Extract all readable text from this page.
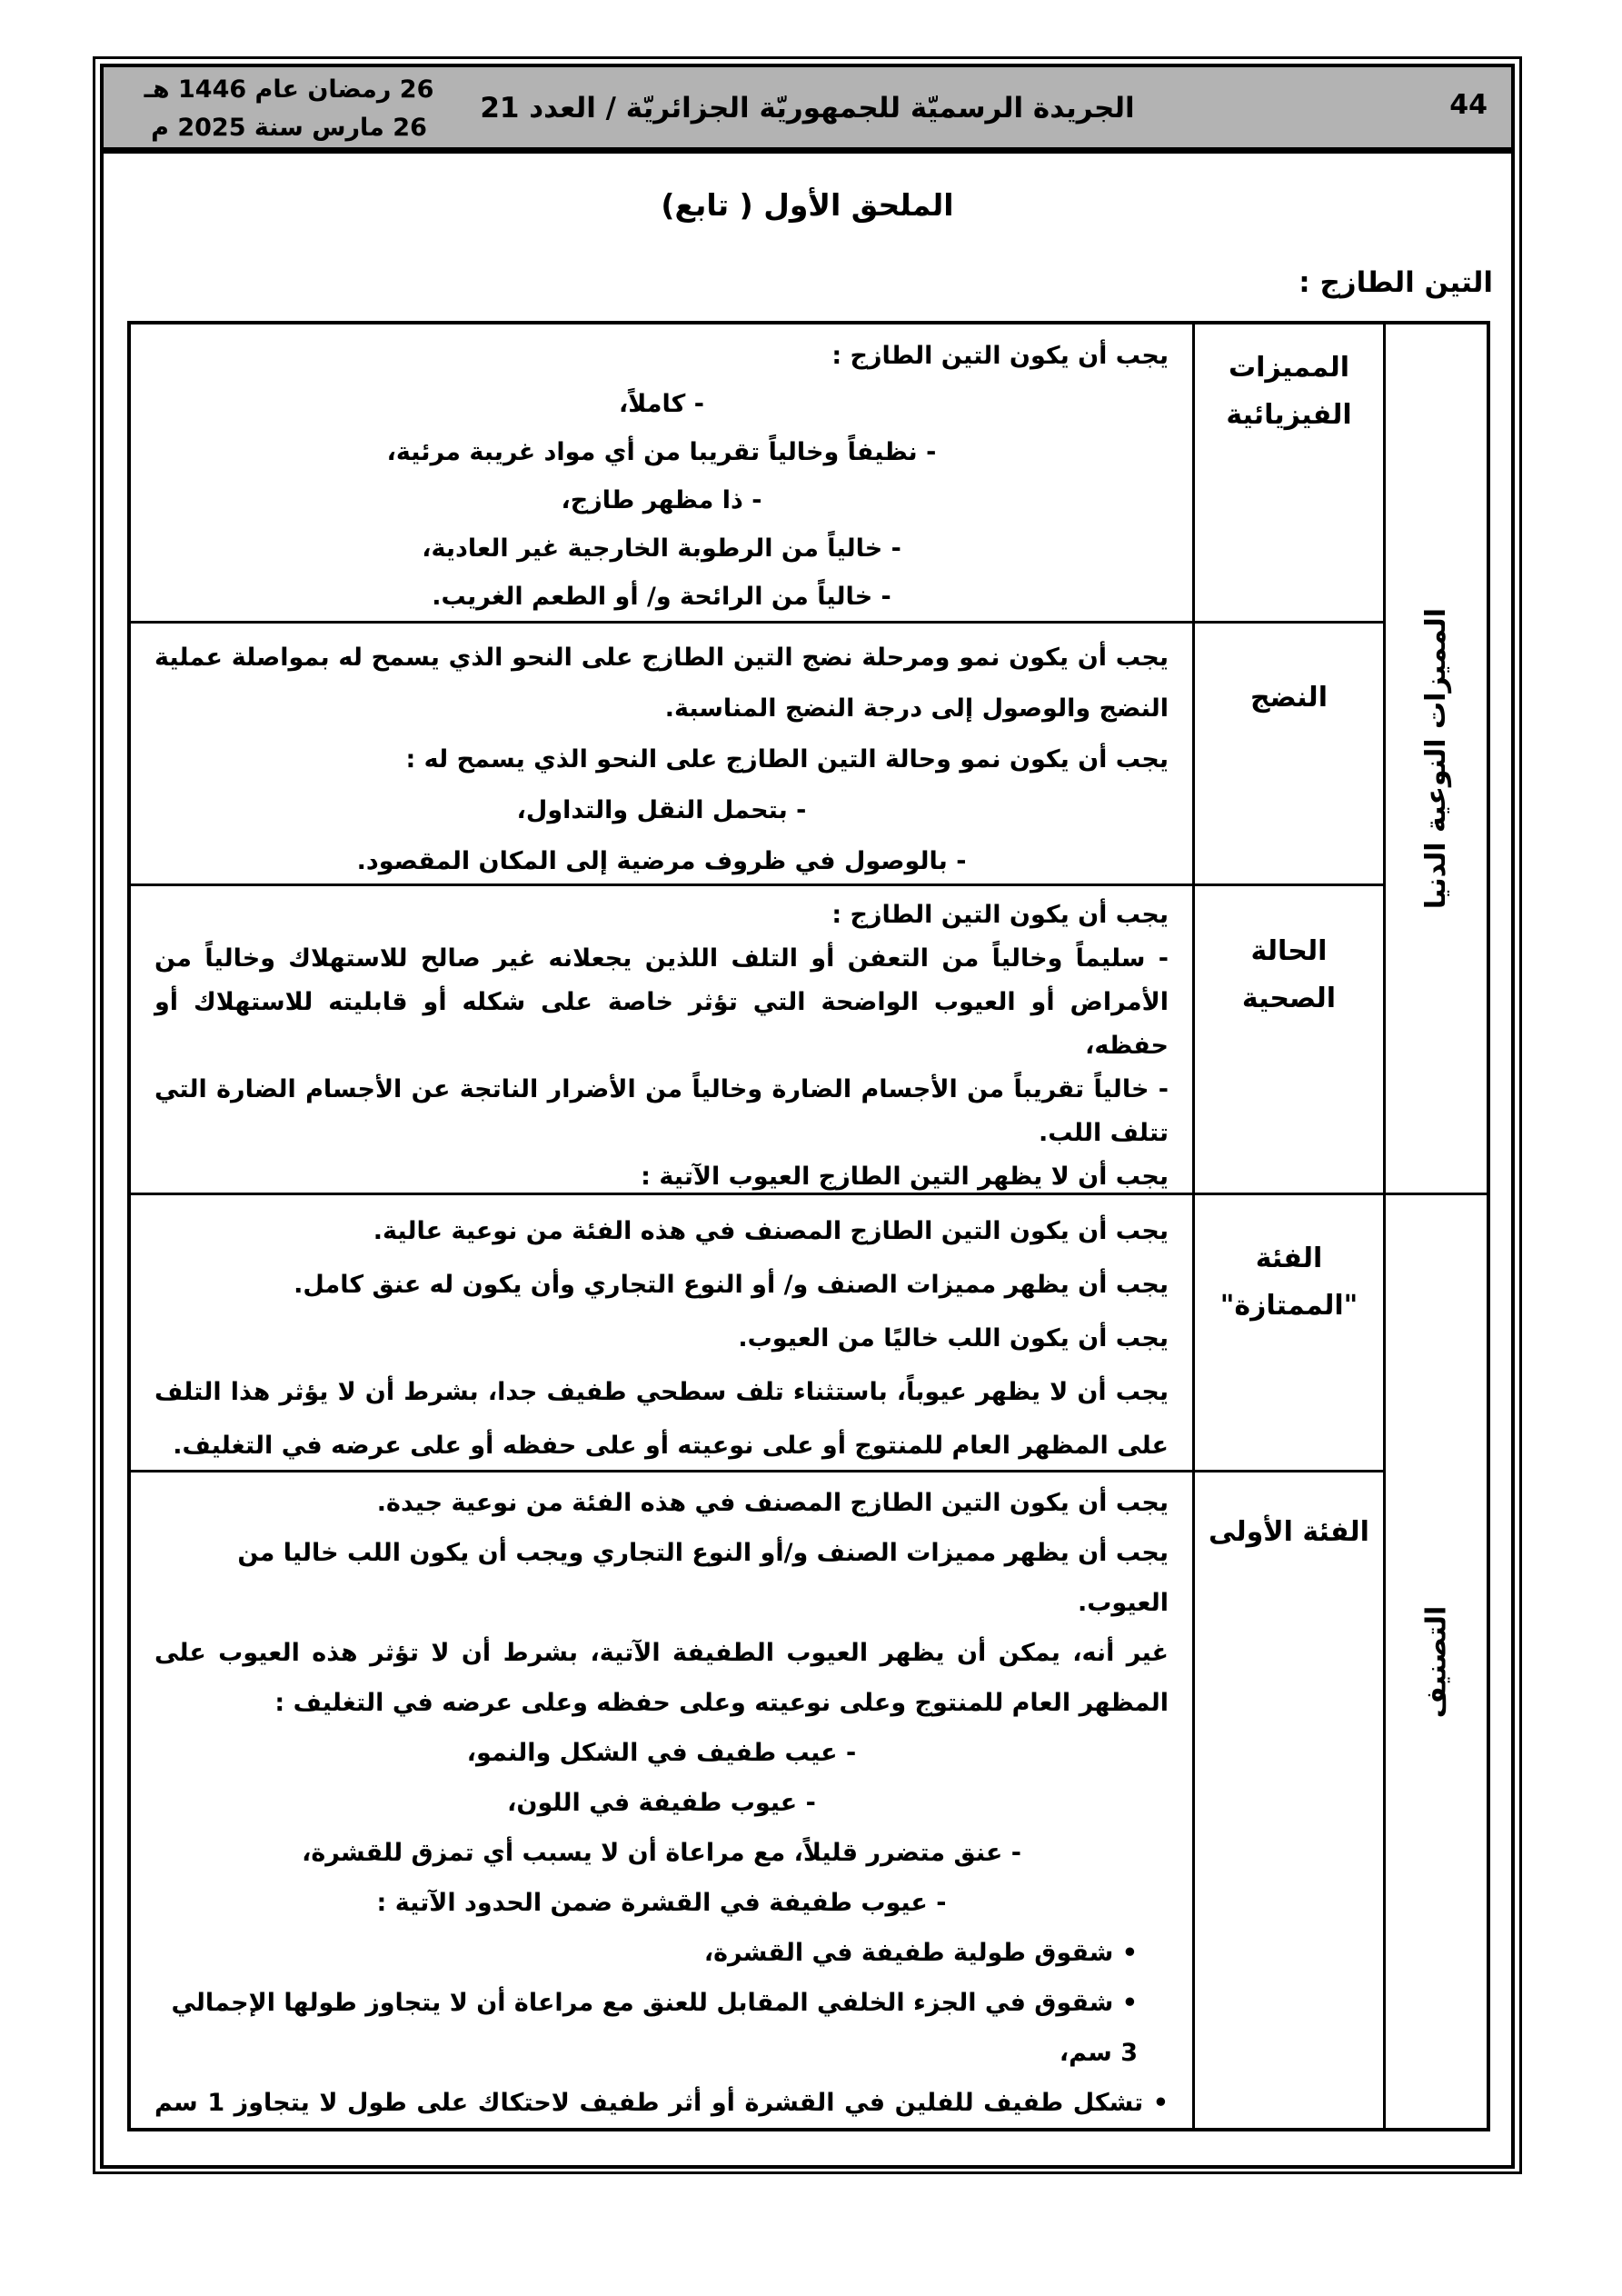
26 رمضان عام 1446 هـ
26 مارس سنة 2025 م
الجريدة الرسميّة للجمهوريّة الجزائريّة / العدد 21	44
الملحق الأول ( تابع)
التين الطازج :
يجب أن يكون التين الطازج :
- كاملاً،
- نظيفاً وخالياً تقريبا من أي مواد غريبة مرئية،
- ذا مظهر طازج،
- خالياً من الرطوبة الخارجية غير العادية،
- خالياً من الرائحة و/ أو الطعم الغريب.
يجب أن يكون نمو ومرحلة نضج التين الطازج على النحو الذي يسمح له بمواصلة عملية النضج والوصول إلى درجة النضج المناسبة.
يجب أن يكون نمو وحالة التين الطازج على النحو الذي يسمح له :
- بتحمل النقل والتداول،
- بالوصول في ظروف مرضية إلى المكان المقصود.
يجب أن يكون التين الطازج :
- سليماً وخالياً من التعفن أو التلف اللذين يجعلانه غير صالح للاستهلاك وخالياً من الأمراض أو العيوب الواضحة التي تؤثر خاصة على شكله أو قابليته للاستهلاك أو حفظه،
- خالياً تقريباً من الأجسام الضارة وخالياً من الأضرار الناتجة عن الأجسام الضارة التي تتلف اللب.
يجب أن لا يظهر التين الطازج العيوب الآتية :
يجب أن يكون التين الطازج المصنف في هذه الفئة من نوعية عالية.
يجب أن يظهر مميزات الصنف و/ أو النوع التجاري وأن يكون له عنق كامل.
يجب أن يكون اللب خاليًا من العيوب.
يجب أن لا يظهر عيوباً، باستثناء تلف سطحي طفيف جدا، بشرط أن لا يؤثر هذا التلف على المظهر العام للمنتوج أو على نوعيته أو على حفظه أو على عرضه في التغليف.
يجب أن يكون التين الطازج المصنف في هذه الفئة من نوعية جيدة.
يجب أن يظهر مميزات الصنف و/أو النوع التجاري ويجب أن يكون اللب خاليا من العيوب.
غير أنه، يمكن أن يظهر العيوب الطفيفة الآتية، بشرط أن لا تؤثر هذه العيوب على المظهر العام للمنتوج وعلى نوعيته وعلى حفظه وعلى عرضه في التغليف :
- عيب طفيف في الشكل والنمو،
- عيوب طفيفة في اللون،
- عنق متضرر قليلاً، مع مراعاة أن لا يسبب أي تمزق للقشرة،
- عيوب طفيفة في القشرة ضمن الحدود الآتية :
• شقوق طولية طفيفة في القشرة،
• شقوق في الجزء الخلفي المقابل للعنق مع مراعاة أن لا يتجاوز طولها الإجمالي 3 سم،
• تشكل طفيف للفلين في القشرة أو أثر طفيف لاحتكاك على طول لا يتجاوز 1 سم
المميزات
الفيزيائية
النضج
الحالة
الصحية
الفئة
"الممتازة"
الفئة الأولى
المميزات النوعية الدنيا
التصنيف
